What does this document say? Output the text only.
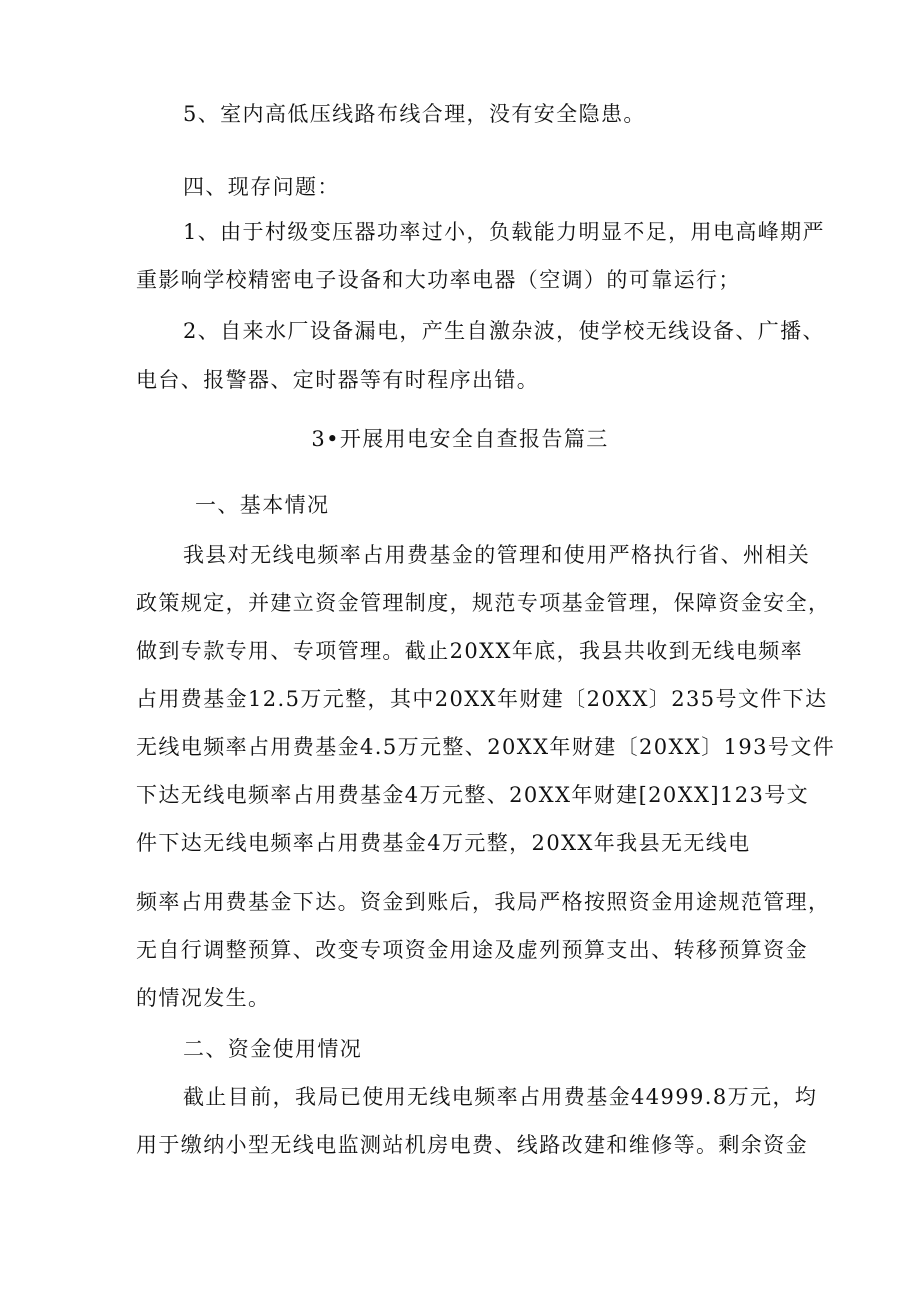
5、室内高低压线路布线合理，没有安全隐患。
四、现存问题：
1、由于村级变压器功率过小，负载能力明显不足，用电高峰期严
重影响学校精密电子设备和大功率电器（空调）的可靠运行；
2、自来水厂设备漏电，产生自激杂波，使学校无线设备、广播、
电台、报警器、定时器等有时程序出错。
3•开展用电安全自查报告篇三
一、基本情况
我县对无线电频率占用费基金的管理和使用严格执行省、州相关
政策规定，并建立资金管理制度，规范专项基金管理，保障资金安全，
做到专款专用、专项管理。截止20XX年底，我县共收到无线电频率
占用费基金12.5万元整，其中20XX年财建〔20XX〕235号文件下达
无线电频率占用费基金4.5万元整、20XX年财建〔20XX〕193号文件
下达无线电频率占用费基金4万元整、20XX年财建[20XX]123号文
件下达无线电频率占用费基金4万元整，20XX年我县无无线电
频率占用费基金下达。资金到账后，我局严格按照资金用途规范管理，
无自行调整预算、改变专项资金用途及虚列预算支出、转移预算资金
的情况发生。
二、资金使用情况
截止目前，我局已使用无线电频率占用费基金44999.8万元，均
用于缴纳小型无线电监测站机房电费、线路改建和维修等。剩余资金
